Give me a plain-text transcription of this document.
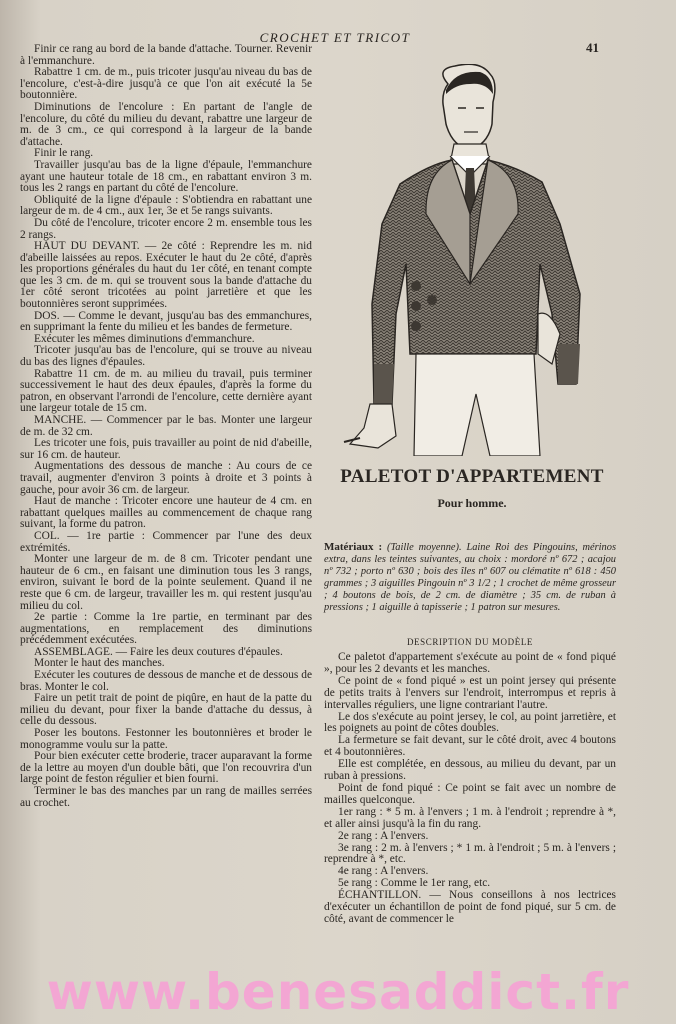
CROCHET ET TRICOT
41

Finir ce rang au bord de la bande d'attache. Tourner. Revenir à l'emmanchure.

Rabattre 1 cm. de m., puis tricoter jusqu'au niveau du bas de l'encolure, c'est-à-dire jusqu'à ce que l'on ait exécuté la 5e boutonnière.

Diminutions de l'encolure : En partant de l'angle de l'encolure, du côté du milieu du devant, rabattre une largeur de m. de 3 cm., ce qui correspond à la largeur de la bande d'attache.

Finir le rang.

Travailler jusqu'au bas de la ligne d'épaule, l'emmanchure ayant une hauteur totale de 18 cm., en rabattant environ 3 m. tous les 2 rangs en partant du côté de l'encolure.

Obliquité de la ligne d'épaule : S'obtiendra en rabattant une largeur de m. de 4 cm., aux 1er, 3e et 5e rangs suivants.

Du côté de l'encolure, tricoter encore 2 m. ensemble tous les 2 rangs.

HAUT DU DEVANT. — 2e côté : Reprendre les m. nid d'abeille laissées au repos. Exécuter le haut du 2e côté, d'après les proportions générales du haut du 1er côté, en tenant compte que les 3 cm. de m. qui se trouvent sous la bande d'attache du 1er côté seront tricotées au point jarretière et que les boutonnières seront supprimées.

DOS. — Comme le devant, jusqu'au bas des emmanchures, en supprimant la fente du milieu et les bandes de fermeture.

Exécuter les mêmes diminutions d'emmanchure.

Tricoter jusqu'au bas de l'encolure, qui se trouve au niveau du bas des lignes d'épaules.

Rabattre 11 cm. de m. au milieu du travail, puis terminer successivement le haut des deux épaules, d'après la forme du patron, en observant l'arrondi de l'encolure, cette dernière ayant une largeur totale de 15 cm.

MANCHE. — Commencer par le bas. Monter une largeur de m. de 32 cm.

Les tricoter une fois, puis travailler au point de nid d'abeille, sur 16 cm. de hauteur.

Augmentations des dessous de manche : Au cours de ce travail, augmenter d'environ 3 points à droite et 3 points à gauche, pour avoir 36 cm. de largeur.

Haut de manche : Tricoter encore une hauteur de 4 cm. en rabattant quelques mailles au commencement de chaque rang suivant, la forme du patron.

COL. — 1re partie : Commencer par l'une des deux extrémités.

Monter une largeur de m. de 8 cm. Tricoter pendant une hauteur de 6 cm., en faisant une diminution tous les 3 rangs, environ, suivant le bord de la pointe seulement. Quand il ne reste que 6 cm. de largeur, travailler les m. qui restent jusqu'au milieu du col.

2e partie : Comme la 1re partie, en terminant par des augmentations, en remplacement des diminutions précédemment exécutées.

ASSEMBLAGE. — Faire les deux coutures d'épaules.

Monter le haut des manches.

Exécuter les coutures de dessous de manche et de dessous de bras. Monter le col.

Faire un petit trait de point de piqûre, en haut de la patte du milieu du devant, pour fixer la bande d'attache du dessus, à celle du dessous.

Poser les boutons. Festonner les boutonnières et broder le monogramme voulu sur la patte.

Pour bien exécuter cette broderie, tracer auparavant la forme de la lettre au moyen d'un double bâti, que l'on recouvrira d'un large point de feston régulier et bien fourni.

Terminer le bas des manches par un rang de mailles serrées au crochet.

PALETOT D'APPARTEMENT
Pour homme.
Matériaux : (Taille moyenne). Laine Roi des Pingouins, mérinos extra, dans les teintes suivantes, au choix : mordoré nº 672 ; acajou nº 732 ; porto nº 630 ; bois des îles nº 607 ou clématite nº 618 : 450 grammes ; 3 aiguilles Pingouin nº 3 1/2 ; 1 crochet de même grosseur ; 4 boutons de bois, de 2 cm. de diamètre ; 35 cm. de ruban à pressions ; 1 aiguille à tapisserie ; 1 patron sur mesures.
DESCRIPTION DU MODÈLE

Ce paletot d'appartement s'exécute au point de « fond piqué », pour les 2 devants et les manches.

Ce point de « fond piqué » est un point jersey qui présente de petits traits à l'envers sur l'endroit, interrompus et repris à intervalles réguliers, une ligne contrariant l'autre.

Le dos s'exécute au point jersey, le col, au point jarretière, et les poignets au point de côtes doubles.

La fermeture se fait devant, sur le côté droit, avec 4 boutons et 4 boutonnières.

Elle est complétée, en dessous, au milieu du devant, par un ruban à pressions.

Point de fond piqué : Ce point se fait avec un nombre de mailles quelconque.

1er rang : * 5 m. à l'envers ; 1 m. à l'endroit ; reprendre à *, et aller ainsi jusqu'à la fin du rang.

2e rang : A l'envers.

3e rang : 2 m. à l'envers ; * 1 m. à l'endroit ; 5 m. à l'envers ; reprendre à *, etc.

4e rang : A l'envers.

5e rang : Comme le 1er rang, etc.

ÉCHANTILLON. — Nous conseillons à nos lectrices d'exécuter un échantillon de point de fond piqué, sur 5 cm. de côté, avant de commencer le

www.benesaddict.fr
